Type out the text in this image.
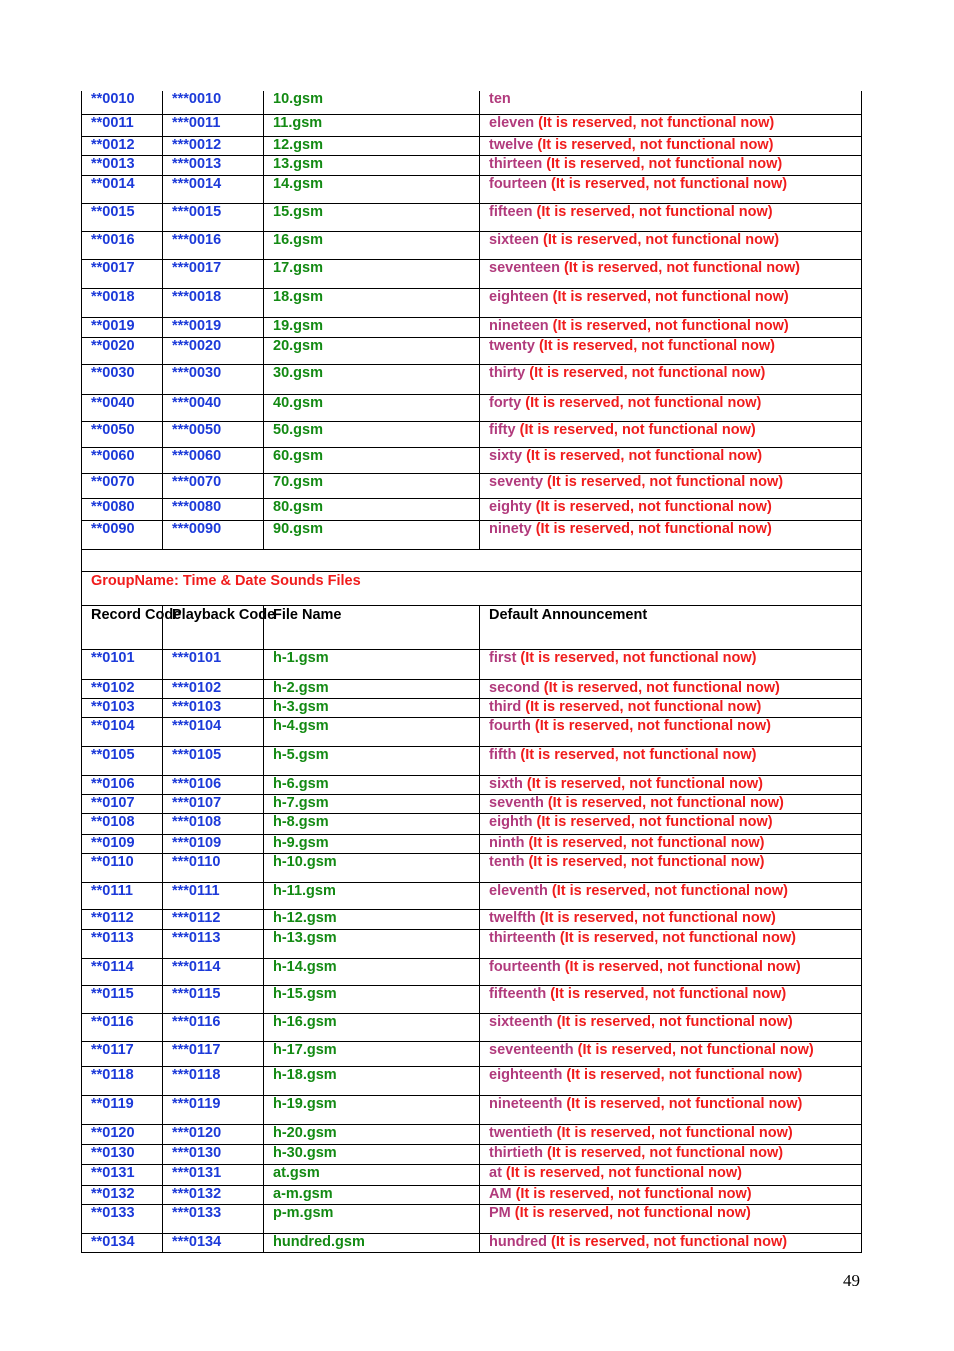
**0010	***0010	10.gsm	ten
**0011	***0011	11.gsm	eleven (It is reserved, not functional now)
**0012	***0012	12.gsm	twelve (It is reserved, not functional now)
**0013	***0013	13.gsm	thirteen (It is reserved, not functional now)
**0014	***0014	14.gsm	fourteen (It is reserved, not functional now)
**0015	***0015	15.gsm	fifteen (It is reserved, not functional now)
**0016	***0016	16.gsm	sixteen (It is reserved, not functional now)
**0017	***0017	17.gsm	seventeen (It is reserved, not functional now)
**0018	***0018	18.gsm	eighteen (It is reserved, not functional now)
**0019	***0019	19.gsm	nineteen (It is reserved, not functional now)
**0020	***0020	20.gsm	twenty (It is reserved, not functional now)
**0030	***0030	30.gsm	thirty (It is reserved, not functional now)
**0040	***0040	40.gsm	forty (It is reserved, not functional now)
**0050	***0050	50.gsm	fifty (It is reserved, not functional now)
**0060	***0060	60.gsm	sixty (It is reserved, not functional now)
**0070	***0070	70.gsm	seventy (It is reserved, not functional now)
**0080	***0080	80.gsm	eighty (It is reserved, not functional now)
**0090	***0090	90.gsm	ninety (It is reserved, not functional now)

GroupName: Time & Date Sounds Files			
Record Code	Playback Code	File Name	Default Announcement
**0101	***0101	h-1.gsm	first (It is reserved, not functional now)
**0102	***0102	h-2.gsm	second (It is reserved, not functional now)
**0103	***0103	h-3.gsm	third (It is reserved, not functional now)
**0104	***0104	h-4.gsm	fourth (It is reserved, not functional now)
**0105	***0105	h-5.gsm	fifth (It is reserved, not functional now)
**0106	***0106	h-6.gsm	sixth (It is reserved, not functional now)
**0107	***0107	h-7.gsm	seventh (It is reserved, not functional now)
**0108	***0108	h-8.gsm	eighth (It is reserved, not functional now)
**0109	***0109	h-9.gsm	ninth (It is reserved, not functional now)
**0110	***0110	h-10.gsm	tenth (It is reserved, not functional now)
**0111	***0111	h-11.gsm	eleventh (It is reserved, not functional now)
**0112	***0112	h-12.gsm	twelfth (It is reserved, not functional now)
**0113	***0113	h-13.gsm	thirteenth (It is reserved, not functional now)
**0114	***0114	h-14.gsm	fourteenth (It is reserved, not functional now)
**0115	***0115	h-15.gsm	fifteenth (It is reserved, not functional now)
**0116	***0116	h-16.gsm	sixteenth (It is reserved, not functional now)
**0117	***0117	h-17.gsm	seventeenth (It is reserved, not functional now)
**0118	***0118	h-18.gsm	eighteenth (It is reserved, not functional now)
**0119	***0119	h-19.gsm	nineteenth (It is reserved, not functional now)
**0120	***0120	h-20.gsm	twentieth (It is reserved, not functional now)
**0130	***0130	h-30.gsm	thirtieth (It is reserved, not functional now)
**0131	***0131	at.gsm	at (It is reserved, not functional now)
**0132	***0132	a-m.gsm	AM (It is reserved, not functional now)
**0133	***0133	p-m.gsm	PM (It is reserved, not functional now)
**0134	***0134	hundred.gsm	hundred (It is reserved, not functional now)
49
